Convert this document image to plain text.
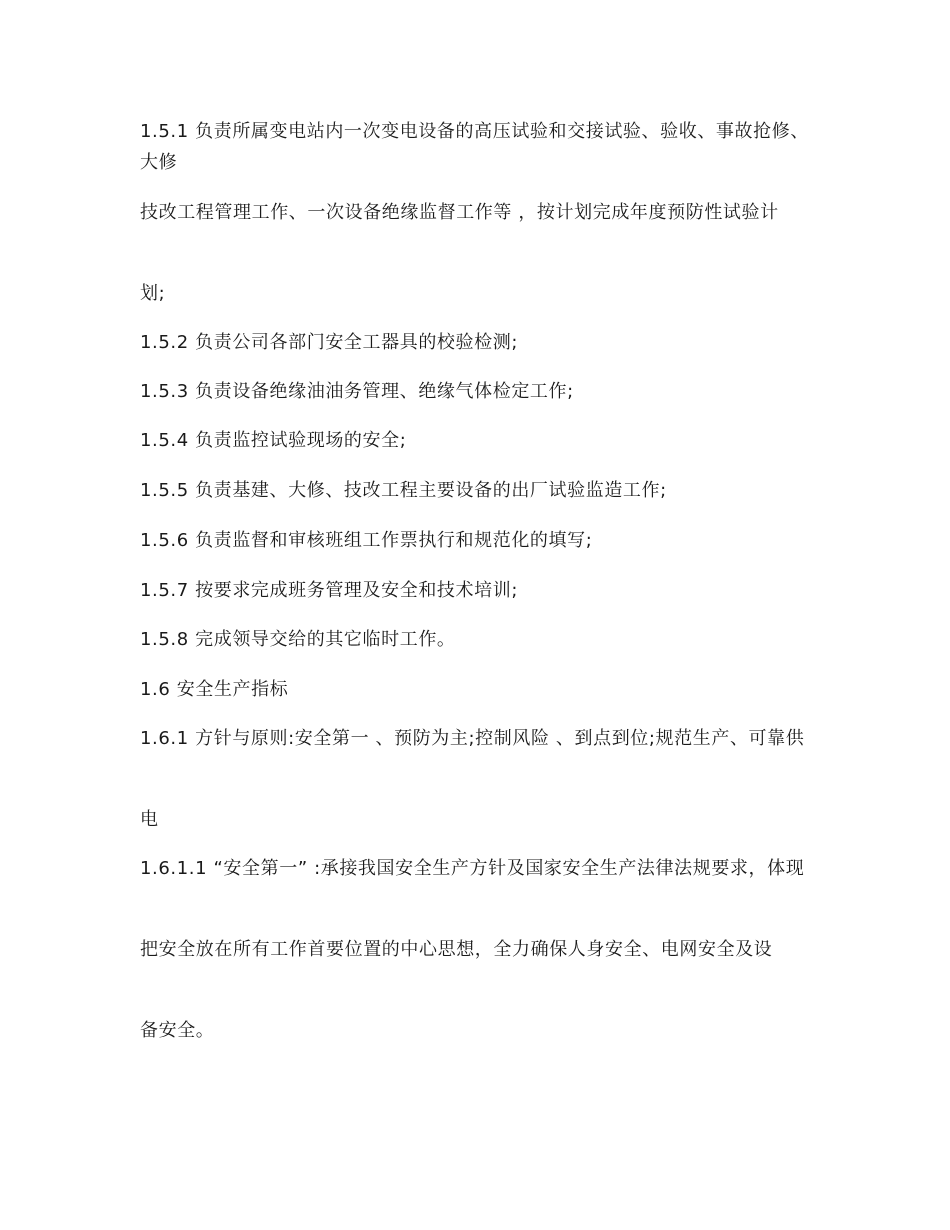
1.5.1 负责所属变电站内一次变电设备的高压试验和交接试验、验收、事故抢修、大修

技改工程管理工作、一次设备绝缘监督工作等 ，按计划完成年度预防性试验计

划;

1.5.2 负责公司各部门安全工器具的校验检测;

1.5.3 负责设备绝缘油油务管理、绝缘气体检定工作;

1.5.4 负责监控试验现场的安全;

1.5.5 负责基建、大修、技改工程主要设备的出厂试验监造工作;

1.5.6 负责监督和审核班组工作票执行和规范化的填写;

1.5.7 按要求完成班务管理及安全和技术培训;

1.5.8 完成领导交给的其它临时工作。

1.6 安全生产指标

1.6.1 方针与原则:安全第一 、预防为主;控制风险 、到点到位;规范生产、可靠供

电

1.6.1.1 “安全第一” :承接我国安全生产方针及国家安全生产法律法规要求，体现

把安全放在所有工作首要位置的中心思想，全力确保人身安全、电网安全及设

备安全。
